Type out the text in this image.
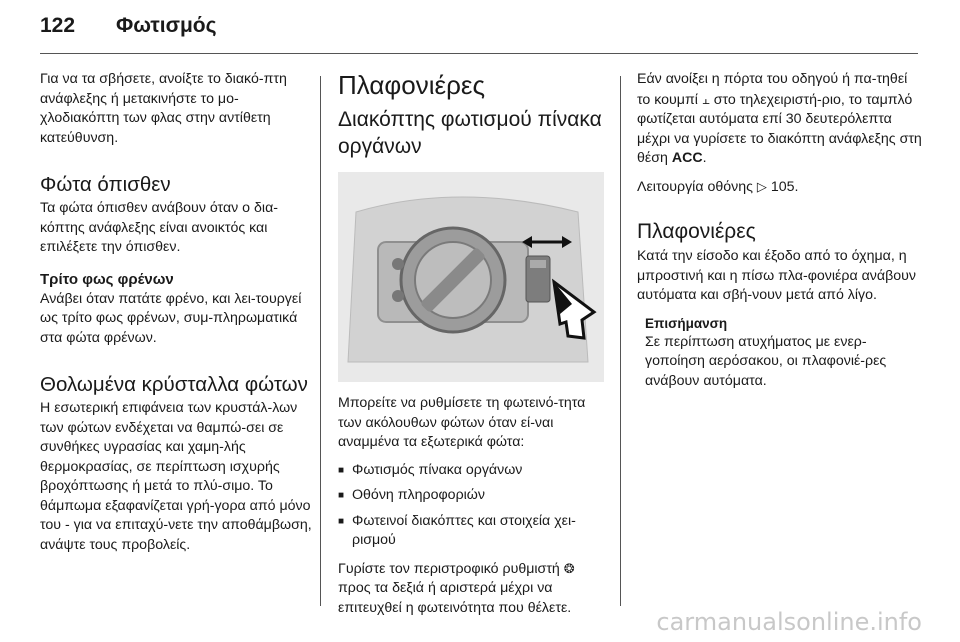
122 Φωτισμός

Για να τα σβήσετε, ανοίξτε το διακό-πτη ανάφλεξης ή μετακινήστε το μο-χλοδιακόπτη των φλας στην αντίθετη κατεύθυνση.

Φώτα όπισθεν

Τα φώτα όπισθεν ανάβουν όταν ο δια-κόπτης ανάφλεξης είναι ανοικτός και επιλέξετε την όπισθεν.

Τρίτο φως φρένων

Ανάβει όταν πατάτε φρένο, και λει-τουργεί ως τρίτο φως φρένων, συμ-πληρωματικά στα φώτα φρένων.

Θολωμένα κρύσταλλα φώτων

Η εσωτερική επιφάνεια των κρυστάλ-λων των φώτων ενδέχεται να θαμπώ-σει σε συνθήκες υγρασίας και χαμη-λής θερμοκρασίας, σε περίπτωση ισχυρής βροχόπτωσης ή μετά το πλύ-σιμο. Το θάμπωμα εξαφανίζεται γρή-γορα από μόνο του - για να επιταχύ-νετε την αποθάμβωση, ανάψτε τους προβολείς.

Πλαφονιέρες
Διακόπτης φωτισμού πίνακα οργάνων

Μπορείτε να ρυθμίσετε τη φωτεινό-τητα των ακόλουθων φώτων όταν εί-ναι αναμμένα τα εξωτερικά φώτα:

■ Φωτισμός πίνακα οργάνων
■ Οθόνη πληροφοριών
■ Φωτεινοί διακόπτες και στοιχεία χει-ρισμού

Γυρίστε τον περιστροφικό ρυθμιστή ❂ προς τα δεξιά ή αριστερά μέχρι να επιτευχθεί η φωτεινότητα που θέλετε.

Εάν ανοίξει η πόρτα του οδηγού ή πα-τηθεί το κουμπί ⫠ στο τηλεχειριστή-ριο, το ταμπλό φωτίζεται αυτόματα επί 30 δευτερόλεπτα μέχρι να γυρίσετε το διακόπτη ανάφλεξης στη θέση ACC.

Λειτουργία οθόνης ▷ 105.

Πλαφονιέρες

Κατά την είσοδο και έξοδο από το όχημα, η μπροστινή και η πίσω πλα-φονιέρα ανάβουν αυτόματα και σβή-νουν μετά από λίγο.

Επισήμανση

Σε περίπτωση ατυχήματος με ενερ-γοποίηση αερόσακου, οι πλαφονιέ-ρες ανάβουν αυτόματα.

carmanualsonline.info
